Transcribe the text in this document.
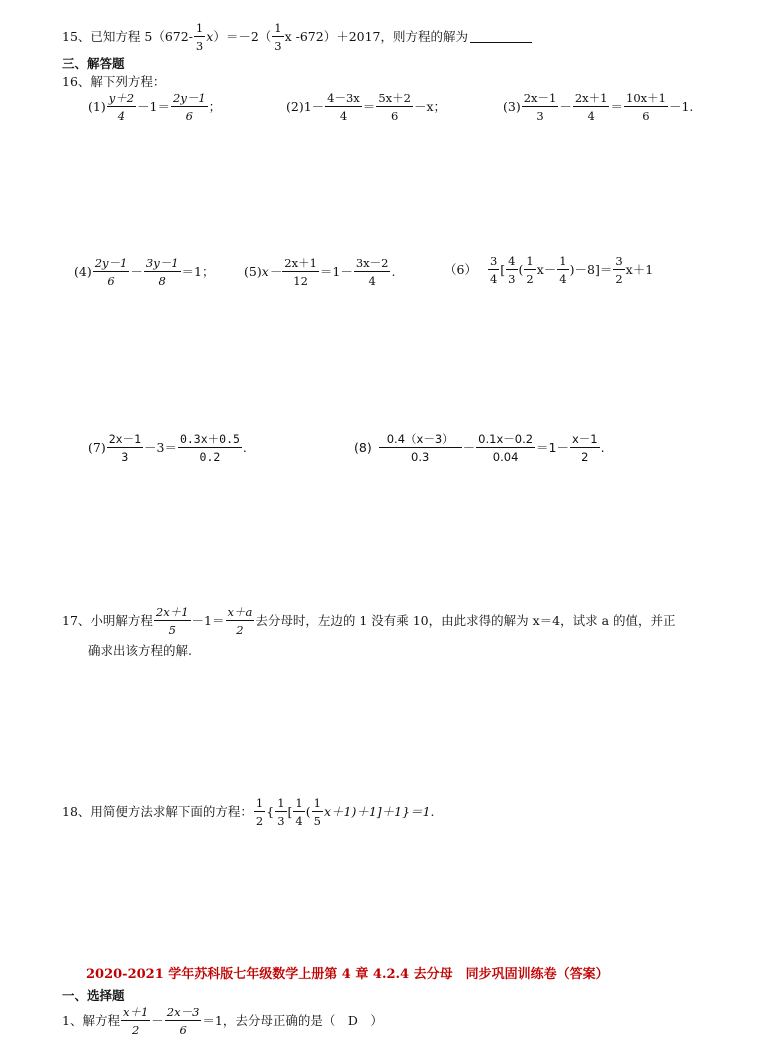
15、 已知方程 $5(672- \frac{1}{3}$ x ）$=-2( \frac{1}{3}$ x -672）＋2017，则方程的解为
三、解答题
16、解下列方程：
$(1) \frac{y+2}{4} -1= \frac{2y-1}{6}$ ；	(2) $1- \frac{4-3x}{4} = \frac{5x+2}{6} -x$；	$(3) \frac{2x-1}{3} - \frac{2x+1}{4} = \frac{10x+1}{6} -1$.
$(4) \frac{2y-1}{6} - \frac{3y-1}{8} =1$； (5) $x- \frac{2x+1}{12} =1- \frac{3x-2}{4}$ .	$(6) \frac{3}{4}$ [ $\frac{4}{3}$ ( $\frac{1}{2} x- \frac{1}{4} )-8]= \frac{3}{2} x+1$
$(7) \frac{2x-1}{3} -3= \frac{0.3x+0.5}{0.2}$ .	$(8) \frac{0.4(x-3)}{0.3} - \frac{0.1x-0.2}{0.04} =1- \frac{x-1}{2}$ .
17、 小明解方程 $\frac{2x+1}{5} -1= \frac{x+a}{2}$ 去分母时，左边的 1 没有乘 10，由此求得的解为 x＝4，试求 a 的值，并正
确求出该方程的解.
18、 用简便方法求解下面的方程： $\frac{1}{2}$ { $\frac{1}{3}$ [ $\frac{1}{4}$ ( $\frac{1}{5} x+1)+1]+1\}=1$.
2020-2021 学年苏科版七年级数学上册第 4 章 4.2.4 去分母　同步巩固训练卷（答案）
一、选择题
1、 解方程 $\frac{x+1}{2} - \frac{2x-3}{6} =1$，去分母正确的是（　D　）
